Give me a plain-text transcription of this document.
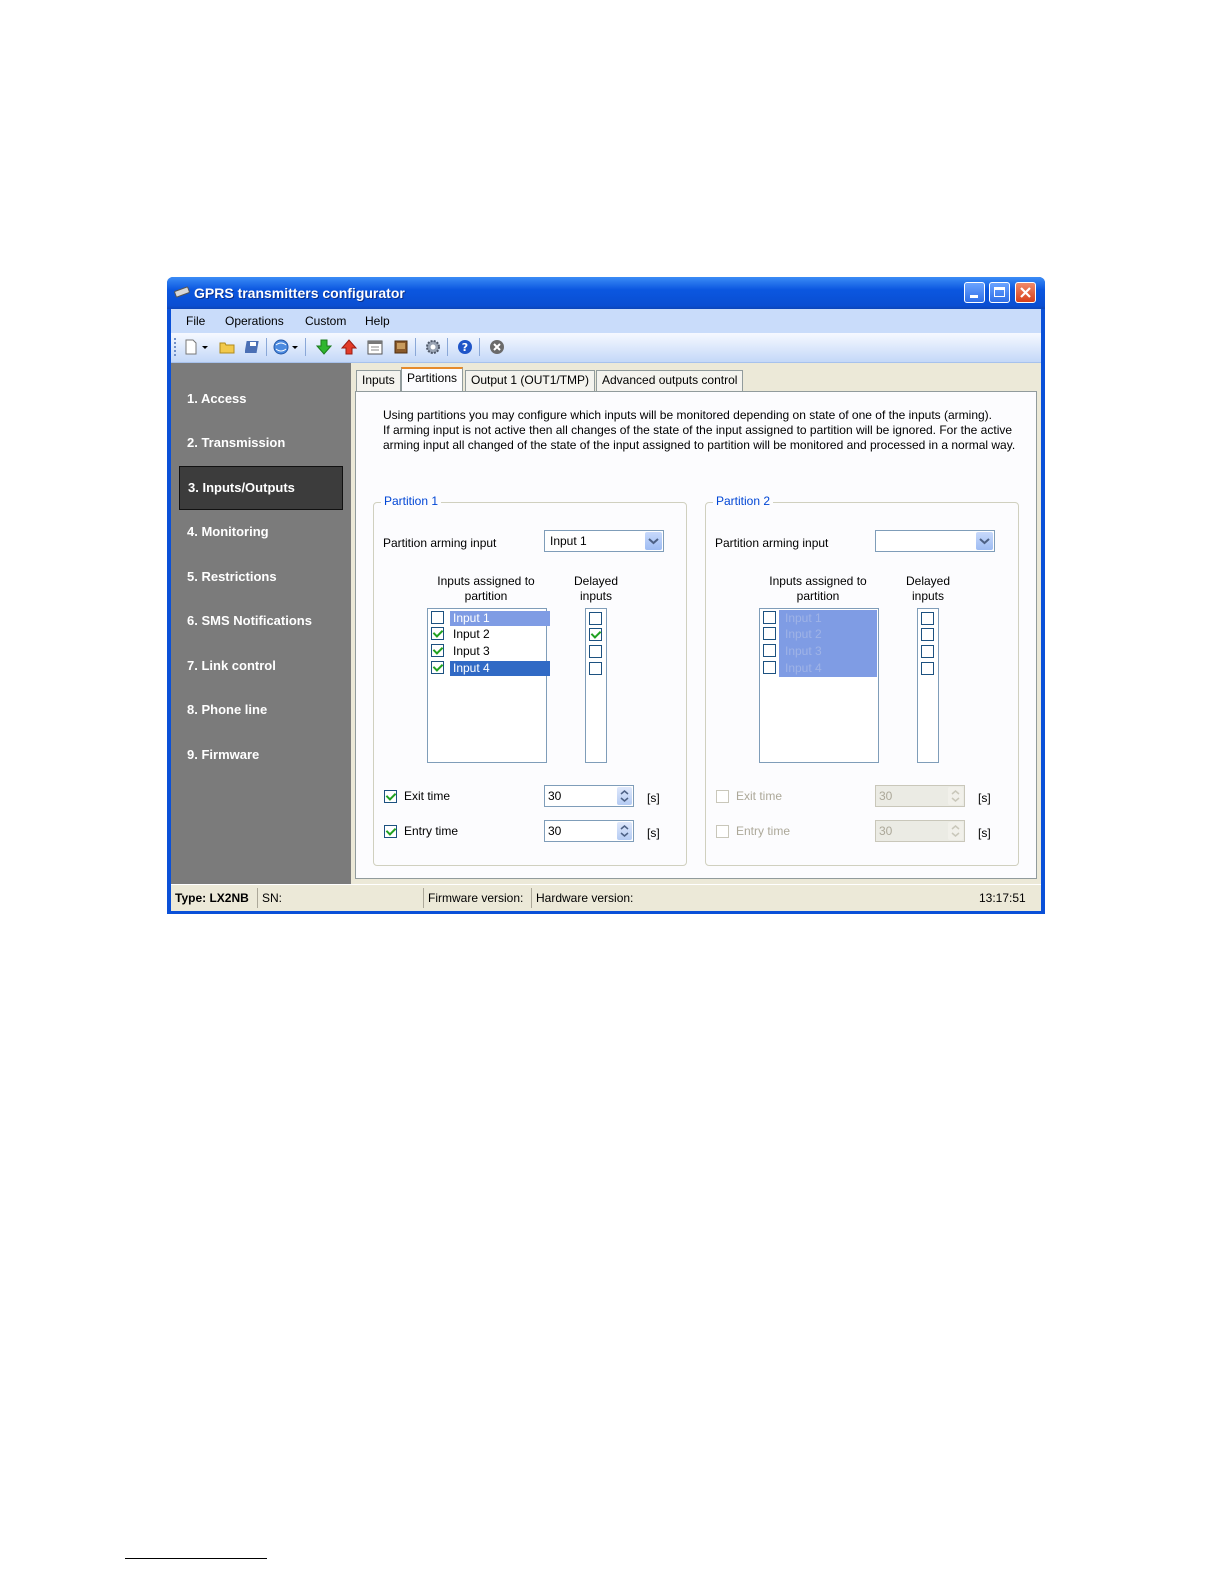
GPRS transmitters configurator
File Operations Custom Help
?
1. Access
2. Transmission
3. Inputs/Outputs
4. Monitoring
5. Restrictions
6. SMS Notifications
7. Link control
8. Phone line
9. Firmware
Inputs	Partitions	Output 1 (OUT1/TMP)	Advanced outputs control
Using partitions you may configure which inputs will be monitored depending on state of one of the inputs (arming).
If arming input is not active then all changes of the state of the input assigned to partition will be ignored. For the active
arming input all changed of the state of the input assigned to partition will be monitored and processed in a normal way.
Partition 1
Partition arming input	Input 1
Inputs assigned to
partition
Delayed
inputs
Input 1
Input 2
Input 3
Input 4
Exit time	30	[s]
Entry time	30	[s]
Partition 2
Partition arming input
Inputs assigned to
partition
Delayed
inputs
Input 1
Input 2
Input 3
Input 4
Exit time	30	[s]
Entry time	30	[s]
Type: LX2NB SN:	Firmware version: Hardware version:	13:17:51
